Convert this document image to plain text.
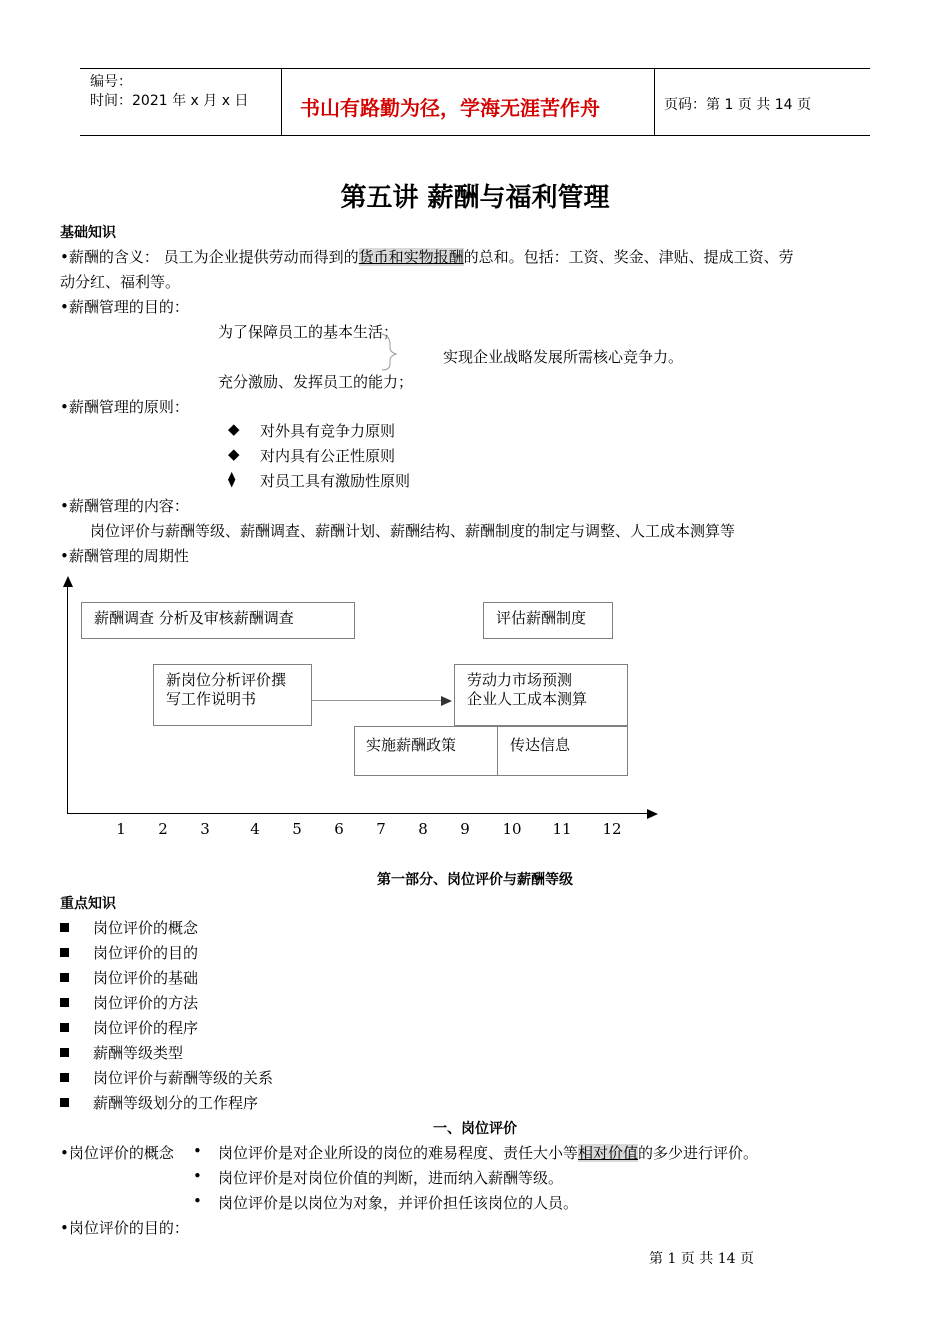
编号：
时间：2021 年 x 月 x 日	书山有路勤为径，学海无涯苦作舟	页码：第 1 页 共 14 页
第五讲 薪酬与福利管理
基础知识
•薪酬的含义： 员工为企业提供劳动而得到的货币和实物报酬的总和。包括：工资、奖金、津贴、提成工资、劳
动分红、福利等。
•薪酬管理的目的：
为了保障员工的基本生活；
实现企业战略发展所需核心竞争力。
充分激励、发挥员工的能力；
•薪酬管理的原则：
◆ 对外具有竞争力原则
◆ 对内具有公正性原则
⧫ 对员工具有激励性原则
•薪酬管理的内容：
岗位评价与薪酬等级、薪酬调查、薪酬计划、薪酬结构、薪酬制度的制定与调整、人工成本测算等
•薪酬管理的周期性
薪酬调查 分析及审核薪酬调查	评估薪酬制度
新岗位分析评价撰
写工作说明书
劳动力市场预测
企业人工成本测算
实施薪酬政策	传达信息
1	2	3	4	5	6	7	8	9	10	11	12
第一部分、岗位评价与薪酬等级
重点知识
岗位评价的概念
岗位评价的目的
岗位评价的基础
岗位评价的方法
岗位评价的程序
薪酬等级类型
岗位评价与薪酬等级的关系
薪酬等级划分的工作程序
一、岗位评价
•岗位评价的概念 • 岗位评价是对企业所设的岗位的难易程度、责任大小等相对价值的多少进行评价。
• 岗位评价是对岗位价值的判断，进而纳入薪酬等级。
• 岗位评价是以岗位为对象，并评价担任该岗位的人员。
•岗位评价的目的：
第 1 页 共 14 页
